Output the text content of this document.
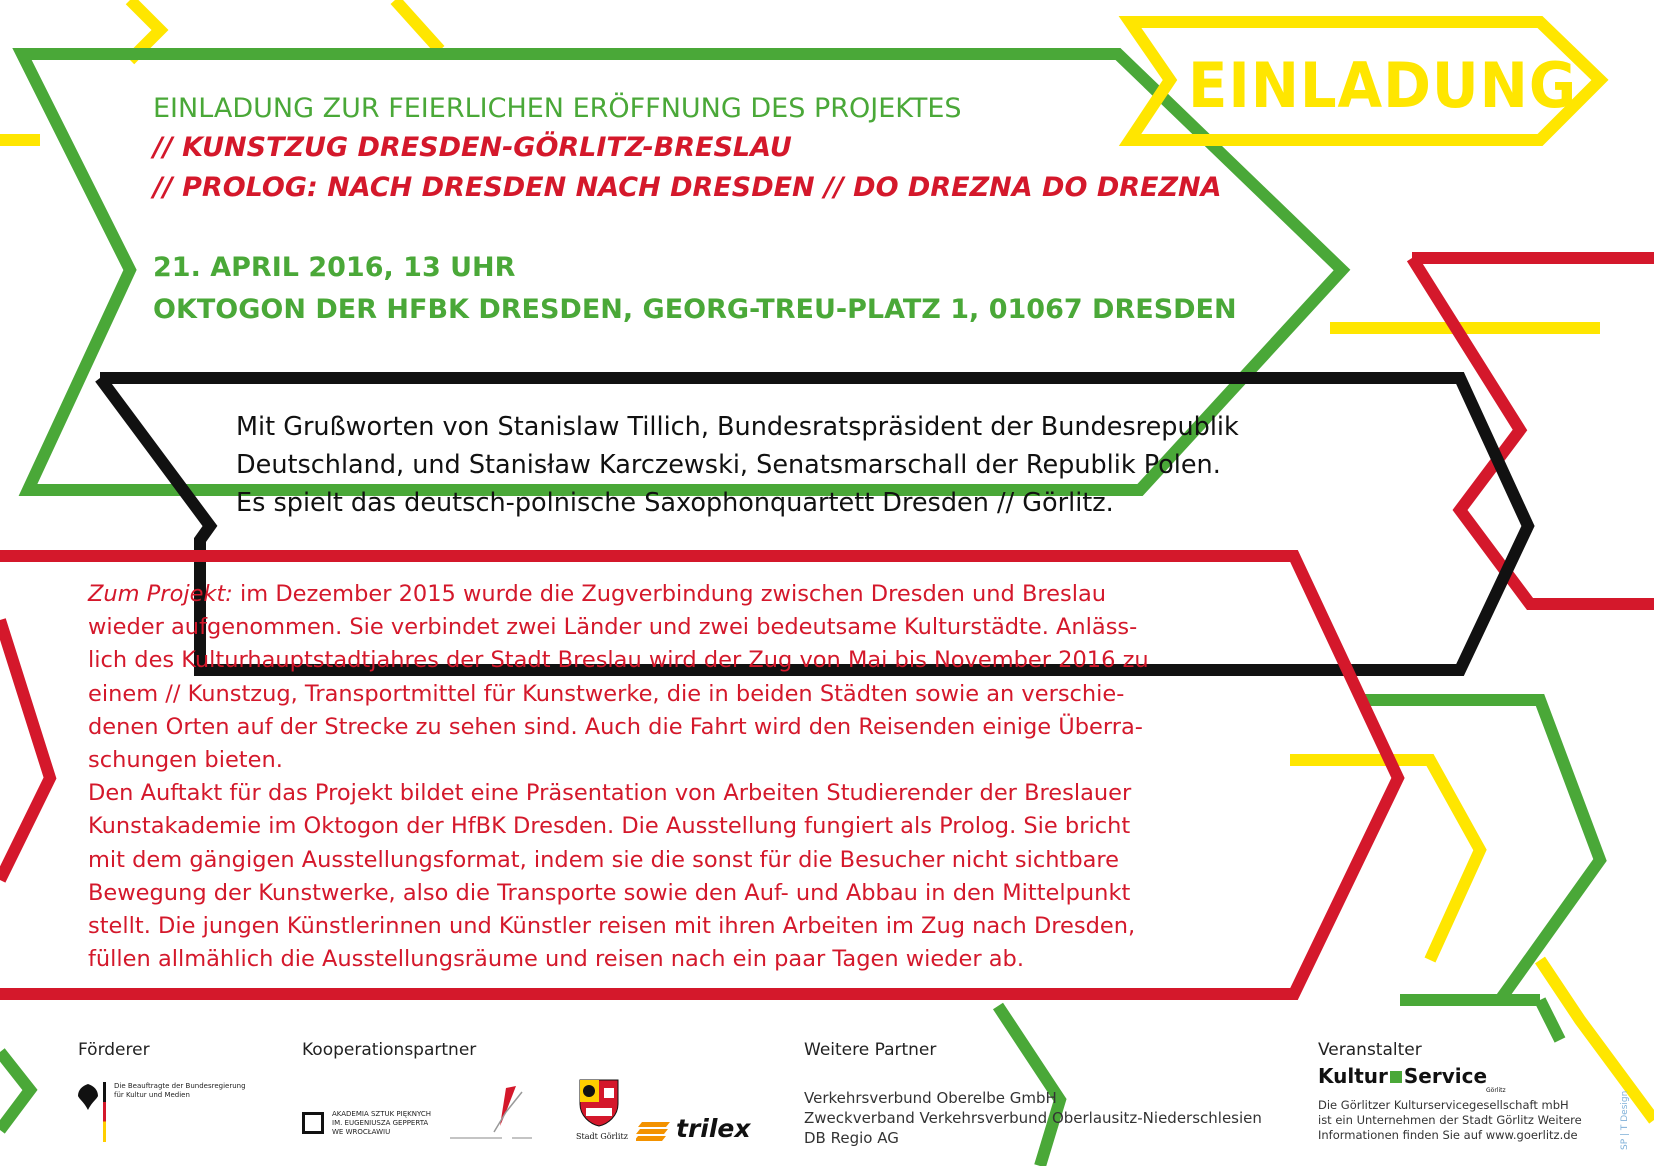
EINLADUNG
EINLADUNG ZUR FEIERLICHEN ERÖFFNUNG DES PROJEKTES
// KUNSTZUG DRESDEN-GÖRLITZ-BRESLAU
// PROLOG: NACH DRESDEN NACH DRESDEN // DO DREZNA DO DREZNA
21. APRIL 2016, 13 UHR
OKTOGON DER HFBK DRESDEN, GEORG-TREU-PLATZ 1, 01067 DRESDEN

Mit Grußworten von Stanislaw Tillich, Bundesratspräsident der Bundesrepublik

Deutschland, und Stanisław Karczewski, Senatsmarschall der Republik Polen.

Es spielt das deutsch-polnische Saxophonquartett Dresden // Görlitz.

Zum Projekt: im Dezember 2015 wurde die Zugverbindung zwischen Dresden und Breslau

wieder aufgenommen. Sie verbindet zwei Länder und zwei bedeutsame Kulturstädte. Anläss-

lich des Kulturhauptstadtjahres der Stadt Breslau wird der Zug von Mai bis November 2016 zu

einem // Kunstzug, Transportmittel für Kunstwerke, die in beiden Städten sowie an verschie-

denen Orten auf der Strecke zu sehen sind. Auch die Fahrt wird den Reisenden einige Überra-

schungen bieten.

Den Auftakt für das Projekt bildet eine Präsentation von Arbeiten Studierender der Breslauer

Kunstakademie im Oktogon der HfBK Dresden. Die Ausstellung fungiert als Prolog. Sie bricht

mit dem gängigen Ausstellungsformat, indem sie die sonst für die Besucher nicht sichtbare

Bewegung der Kunstwerke, also die Transporte sowie den Auf- und Abbau in den Mittelpunkt

stellt. Die jungen Künstlerinnen und Künstler reisen mit ihren Arbeiten im Zug nach Dresden,

füllen allmählich die Ausstellungsräume und reisen nach ein paar Tagen wieder ab.

Förderer
Die Beauftragte der Bundesregierung
für Kultur und Medien
Kooperationspartner
AKADEMIA SZTUK PIĘKNYCH
IM. EUGENIUSZA GEPPERTA
WE WROCŁAWIU	Stadt Görlitz trilex
Weitere Partner

Verkehrsverbund Oberelbe GmbH

Zweckverband Verkehrsverbund Oberlausitz-Niederschlesien

DB Regio AG

Veranstalter
Kultur Service
Görlitz

Die Görlitzer Kulturservicegesellschaft mbH

ist ein Unternehmen der Stadt Görlitz Weitere

Informationen finden Sie auf www.goerlitz.de	SP | T Design
